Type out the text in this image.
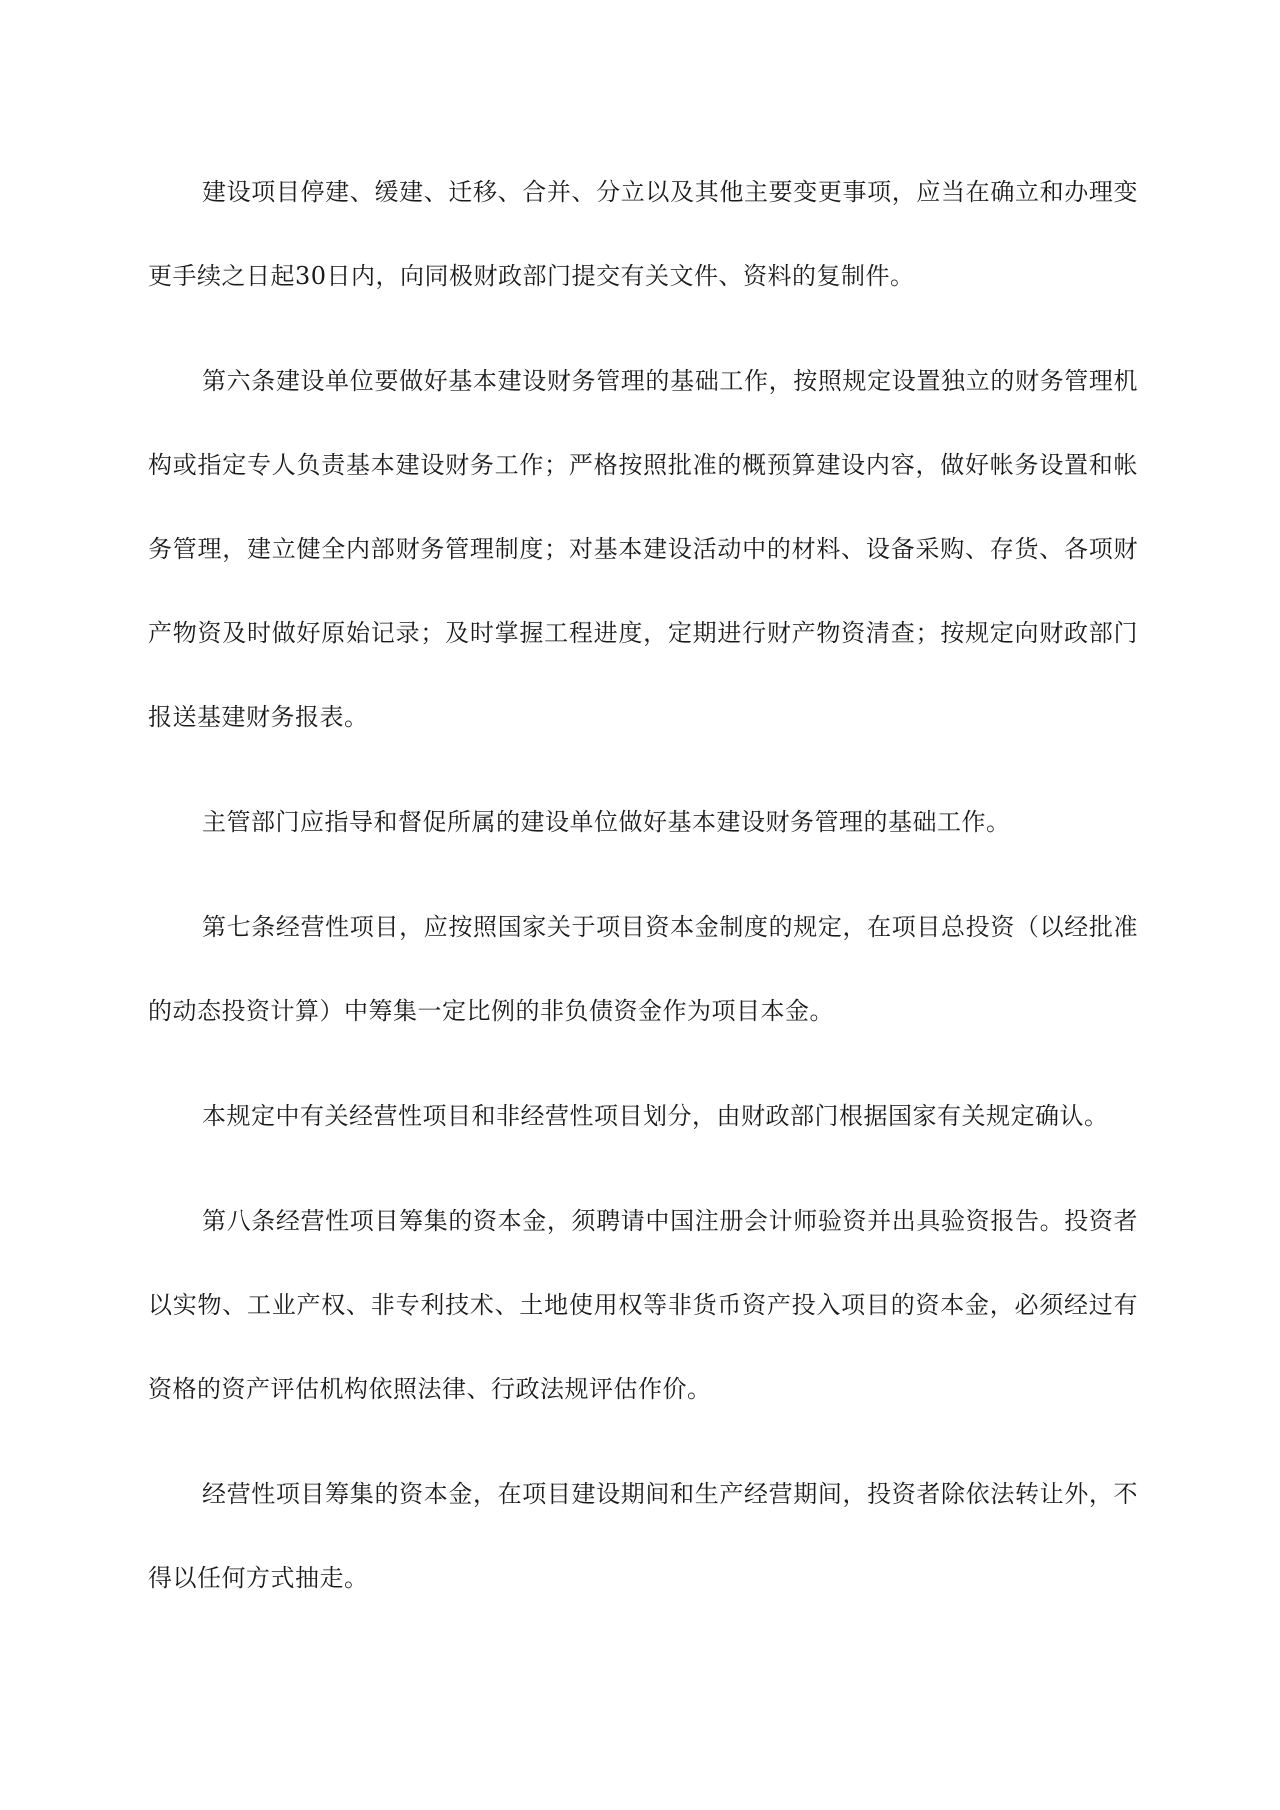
建设项目停建、缓建、迁移、合并、分立以及其他主要变更事项，应当在确立和办理变更手续之日起30日内，向同极财政部门提交有关文件、资料的复制件。

第六条建设单位要做好基本建设财务管理的基础工作，按照规定设置独立的财务管理机构或指定专人负责基本建设财务工作；严格按照批准的概预算建设内容，做好帐务设置和帐务管理，建立健全内部财务管理制度；对基本建设活动中的材料、设备采购、存货、各项财产物资及时做好原始记录；及时掌握工程进度，定期进行财产物资清查；按规定向财政部门报送基建财务报表。

主管部门应指导和督促所属的建设单位做好基本建设财务管理的基础工作。

第七条经营性项目，应按照国家关于项目资本金制度的规定，在项目总投资（以经批准的动态投资计算）中筹集一定比例的非负债资金作为项目本金。

本规定中有关经营性项目和非经营性项目划分，由财政部门根据国家有关规定确认。

第八条经营性项目筹集的资本金，须聘请中国注册会计师验资并出具验资报告。投资者以实物、工业产权、非专利技术、土地使用权等非货币资产投入项目的资本金，必须经过有资格的资产评估机构依照法律、行政法规评估作价。

经营性项目筹集的资本金，在项目建设期间和生产经营期间，投资者除依法转让外，不得以任何方式抽走。
